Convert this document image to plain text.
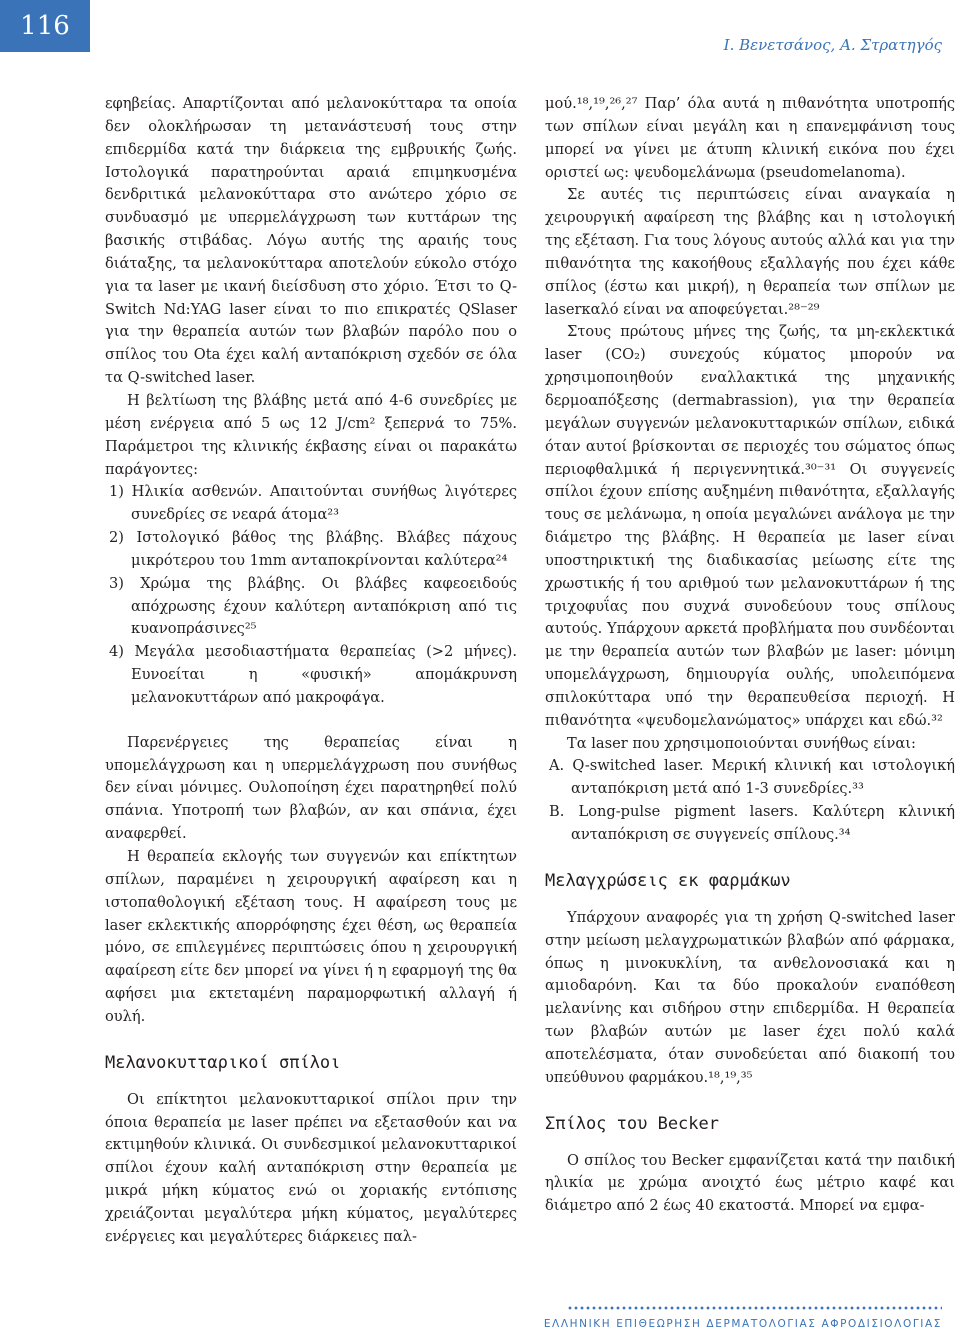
116
Ι. Βενετσάνος, Α. Στρατηγός

εφηβείας. Απαρτίζονται από μελανοκύτταρα τα οποία δεν ολοκλήρωσαν τη μετανάστευσή τους στην επιδερμίδα κατά την διάρκεια της εμβρυικής ζωής. Ιστολογικά παρατηρούνται αραιά επιμηκυσμένα δενδριτικά μελανοκύτταρα στο ανώτερο χόριο σε συνδυασμό με υπερμελάγχρωση των κυττάρων της βασικής στιβάδας. Λόγω αυτής της αραιής τους διάταξης, τα μελανοκύτταρα αποτελούν εύκολο στόχο για τα laser με ικανή διείσδυση στο χόριο. Έτσι το Q-Switch Nd:YAG laser είναι το πιο επικρατές QSlaser για την θεραπεία αυτών των βλαβών παρόλο που ο σπίλος του Ota έχει καλή ανταπόκριση σχεδόν σε όλα τα Q-switched laser.

Η βελτίωση της βλάβης μετά από 4-6 συνεδρίες με μέση ενέργεια από 5 ως 12 J/cm² ξεπερνά το 75%. Παράμετροι της κλινικής έκβασης είναι οι παρακάτω παράγοντες:

1) Ηλικία ασθενών. Απαιτούνται συνήθως λιγότερες συνεδρίες σε νεαρά άτομα²³

2) Ιστολογικό βάθος της βλάβης. Βλάβες πάχους μικρότερου του 1mm ανταποκρίνονται καλύτερα²⁴

3) Χρώμα της βλάβης. Οι βλάβες καφεοειδούς απόχρωσης έχουν καλύτερη ανταπόκριση από τις κυανοπράσινες²⁵

4) Μεγάλα μεσοδιαστήματα θεραπείας (>2 μήνες). Ευνοείται η «φυσική» απομάκρυνση μελανοκυττάρων από μακροφάγα.

Παρενέργειες της θεραπείας είναι η υπομελάγχρωση και η υπερμελάγχρωση που συνήθως δεν είναι μόνιμες. Ουλοποίηση έχει παρατηρηθεί πολύ σπάνια. Υποτροπή των βλαβών, αν και σπάνια, έχει αναφερθεί.

Η θεραπεία εκλογής των συγγενών και επίκτητων σπίλων, παραμένει η χειρουργική αφαίρεση και η ιστοπαθολογική εξέταση τους. Η αφαίρεση τους με laser εκλεκτικής απορρόφησης έχει θέση, ως θεραπεία μόνο, σε επιλεγμένες περιπτώσεις όπου η χειρουργική αφαίρεση είτε δεν μπορεί να γίνει ή η εφαρμογή της θα αφήσει μια εκτεταμένη παραμορφωτική αλλαγή ή ουλή.

Μελανοκυτταρικοί σπίλοι

Οι επίκτητοι μελανοκυτταρικοί σπίλοι πριν την όποια θεραπεία με laser πρέπει να εξετασθούν και να εκτιμηθούν κλινικά. Οι συνδεσμικοί μελανοκυτταρικοί σπίλοι έχουν καλή ανταπόκριση στην θεραπεία με μικρά μήκη κύματος ενώ οι χοριακής εντόπισης χρειάζονται μεγαλύτερα μήκη κύματος, μεγαλύτερες ενέργειες και μεγαλύτερες διάρκειες παλ-

μού.¹⁸,¹⁹,²⁶,²⁷ Παρ’ όλα αυτά η πιθανότητα υποτροπής των σπίλων είναι μεγάλη και η επανεμφάνιση τους μπορεί να γίνει με άτυπη κλινική εικόνα που έχει οριστεί ως: ψευδομελάνωμα (pseudomelanoma).

Σε αυτές τις περιπτώσεις είναι αναγκαία η χειρουργική αφαίρεση της βλάβης και η ιστολογική της εξέταση. Για τους λόγους αυτούς αλλά και για την πιθανότητα της κακοήθους εξαλλαγής που έχει κάθε σπίλος (έστω και μικρή), η θεραπεία των σπίλων με laserκαλό είναι να αποφεύγεται.²⁸⁻²⁹

Στους πρώτους μήνες της ζωής, τα μη-εκλεκτικά laser (CO₂) συνεχούς κύματος μπορούν να χρησιμοποιηθούν εναλλακτικά της μηχανικής δερμοαπόξεσης (dermabrassion), για την θεραπεία μεγάλων συγγενών μελανοκυτταρικών σπίλων, ειδικά όταν αυτοί βρίσκονται σε περιοχές του σώματος όπως περιοφθαλμικά ή περιγεννητικά.³⁰⁻³¹ Οι συγγενείς σπίλοι έχουν επίσης αυξημένη πιθανότητα, εξαλλαγής τους σε μελάνωμα, η οποία μεγαλώνει ανάλογα με την διάμετρο της βλάβης. Η θεραπεία με laser είναι υποστηρικτική της διαδικασίας μείωσης είτε της χρωστικής ή του αριθμού των μελανοκυττάρων ή της τριχοφυΐας που συχνά συνοδεύουν τους σπίλους αυτούς. Υπάρχουν αρκετά προβλήματα που συνδέονται με την θεραπεία αυτών των βλαβών με laser: μόνιμη υπομελάγχρωση, δημιουργία ουλής, υπολειπόμενα σπιλοκύτταρα υπό την θεραπευθείσα περιοχή. Η πιθανότητα «ψευδομελανώματος» υπάρχει και εδώ.³²

Τα laser που χρησιμοποιούνται συνήθως είναι:

A. Q-switched laser. Μερική κλινική και ιστολογική ανταπόκριση μετά από 1-3 συνεδρίες.³³

B. Long-pulse pigment lasers. Καλύτερη κλινική ανταπόκριση σε συγγενείς σπίλους.³⁴

Μελαγχρώσεις εκ φαρμάκων

Υπάρχουν αναφορές για τη χρήση Q-switched laser στην μείωση μελαγχρωματικών βλαβών από φάρμακα, όπως η μινοκυκλίνη, τα ανθελονοσιακά και η αμιοδαρόνη. Και τα δύο προκαλούν εναπόθεση μελανίνης και σιδήρου στην επιδερμίδα. Η θεραπεία των βλαβών αυτών με laser έχει πολύ καλά αποτελέσματα, όταν συνοδεύεται από διακοπή του υπεύθυνου φαρμάκου.¹⁸,¹⁹,³⁵

Σπίλος του Becker

Ο σπίλος του Becker εμφανίζεται κατά την παιδική ηλικία με χρώμα ανοιχτό έως μέτριο καφέ και διάμετρο από 2 έως 40 εκατοστά. Μπορεί να εμφα-

ΕΛΛΗΝΙΚΗ ΕΠΙΘΕΩΡΗΣΗ ΔΕΡΜΑΤΟΛΟΓΙΑΣ ΑΦΡΟΔΙΣΙΟΛΟΓΙΑΣ
